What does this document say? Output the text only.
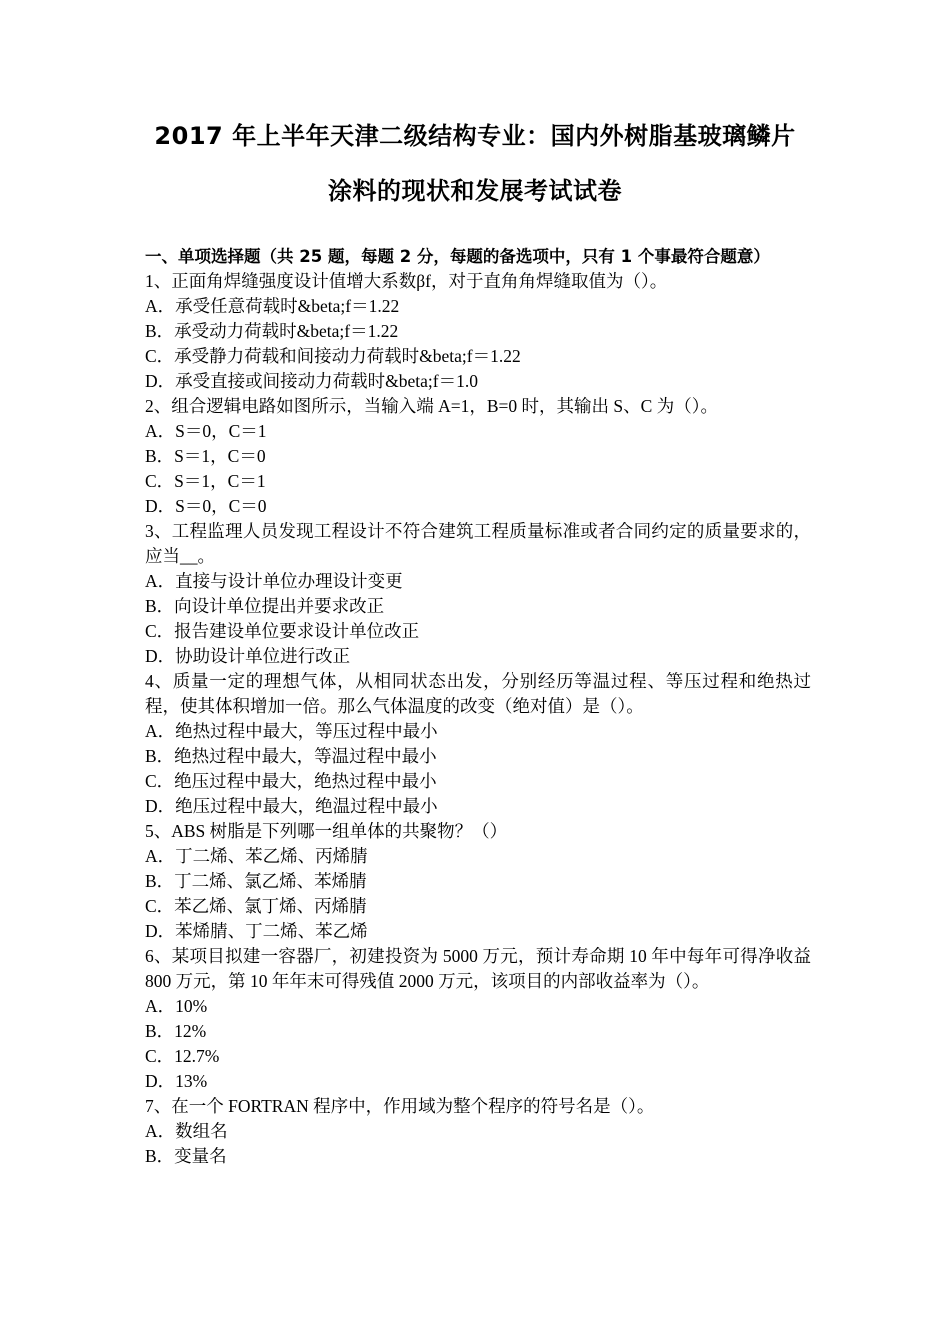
2017 年上半年天津二级结构专业：国内外树脂基玻璃鳞片
涂料的现状和发展考试试卷
一、单项选择题（共 25 题，每题 2 分，每题的备选项中，只有 1 个事最符合题意）
1、正面角焊缝强度设计值增大系数βf，对于直角角焊缝取值为（）。
A．承受任意荷载时&beta;f＝1.22
B．承受动力荷载时&beta;f＝1.22
C．承受静力荷载和间接动力荷载时&beta;f＝1.22
D．承受直接或间接动力荷载时&beta;f＝1.0
2、组合逻辑电路如图所示，当输入端 A=1，B=0 时，其输出 S、C 为（）。
A．S＝0，C＝1
B．S＝1，C＝0
C．S＝1，C＝1
D．S＝0，C＝0
3、工程监理人员发现工程设计不符合建筑工程质量标准或者合同约定的质量要求的，应当__。
A．直接与设计单位办理设计变更
B．向设计单位提出并要求改正
C．报告建设单位要求设计单位改正
D．协助设计单位进行改正
4、质量一定的理想气体，从相同状态出发，分别经历等温过程、等压过程和绝热过程，使其体积增加一倍。那么气体温度的改变（绝对值）是（）。
A．绝热过程中最大，等压过程中最小
B．绝热过程中最大，等温过程中最小
C．绝压过程中最大，绝热过程中最小
D．绝压过程中最大，绝温过程中最小
5、ABS 树脂是下列哪一组单体的共聚物？（）
A．丁二烯、苯乙烯、丙烯腈
B．丁二烯、氯乙烯、苯烯腈
C．苯乙烯、氯丁烯、丙烯腈
D．苯烯腈、丁二烯、苯乙烯
6、某项目拟建一容器厂，初建投资为 5000 万元，预计寿命期 10 年中每年可得净收益 800 万元，第 10 年年末可得残值 2000 万元，该项目的内部收益率为（）。
A．10%
B．12%
C．12.7%
D．13%
7、在一个 FORTRAN 程序中，作用域为整个程序的符号名是（）。
A．数组名
B．变量名
